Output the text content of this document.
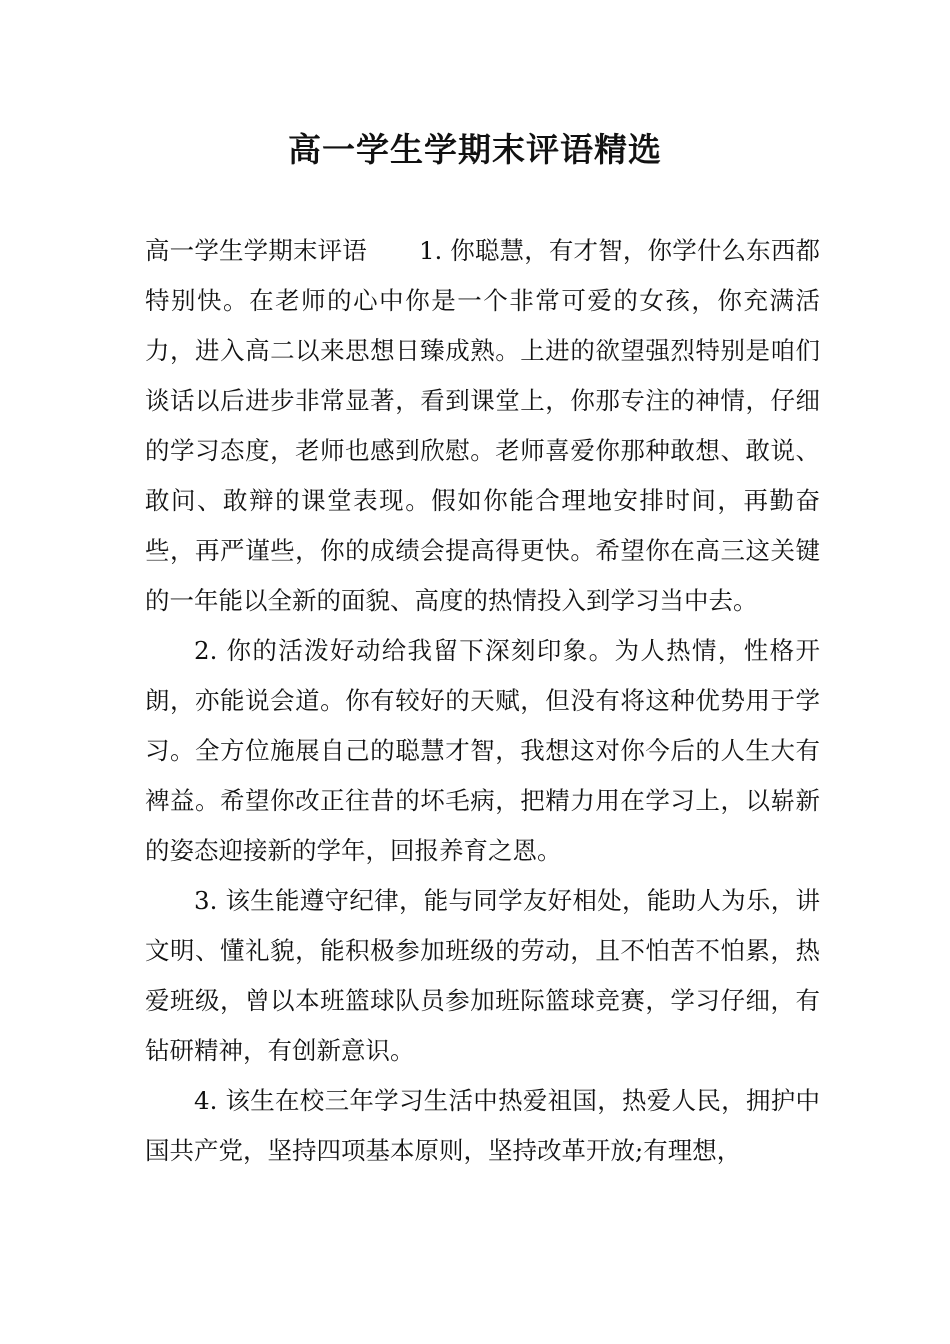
高一学生学期末评语精选

高一学生学期末评语 1. 你聪慧，有才智，你学什么东西都特别快。在老师的心中你是一个非常可爱的女孩，你充满活力，进入高二以来思想日臻成熟。上进的欲望强烈特别是咱们谈话以后进步非常显著，看到课堂上，你那专注的神情，仔细的学习态度，老师也感到欣慰。老师喜爱你那种敢想、敢说、敢问、敢辩的课堂表现。假如你能合理地安排时间，再勤奋些，再严谨些，你的成绩会提高得更快。希望你在高三这关键的一年能以全新的面貌、高度的热情投入到学习当中去。

2. 你的活泼好动给我留下深刻印象。为人热情，性格开朗，亦能说会道。你有较好的天赋，但没有将这种优势用于学习。全方位施展自己的聪慧才智，我想这对你今后的人生大有裨益。希望你改正往昔的坏毛病，把精力用在学习上，以崭新的姿态迎接新的学年，回报养育之恩。

3. 该生能遵守纪律，能与同学友好相处，能助人为乐，讲文明、懂礼貌，能积极参加班级的劳动，且不怕苦不怕累，热爱班级，曾以本班篮球队员参加班际篮球竞赛，学习仔细，有钻研精神，有创新意识。

4. 该生在校三年学习生活中热爱祖国，热爱人民，拥护中国共产党，坚持四项基本原则，坚持改革开放;有理想，
